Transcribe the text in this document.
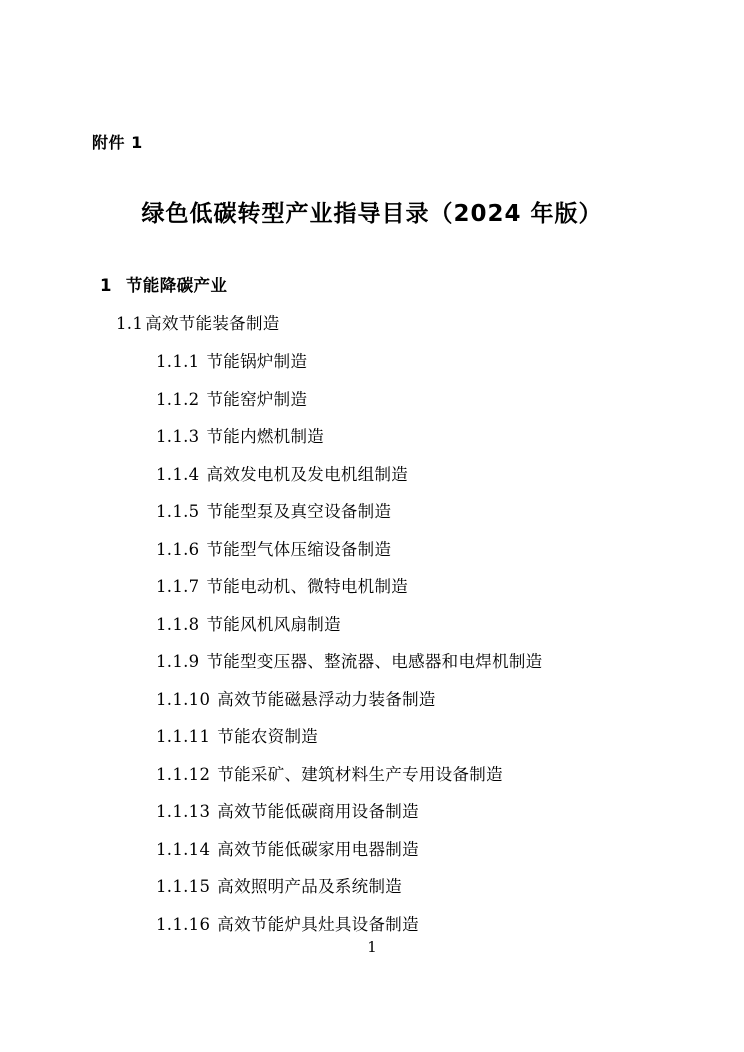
附件 1
绿色低碳转型产业指导目录（2024 年版）
1 节能降碳产业
1.1 高效节能装备制造
1.1.1 节能锅炉制造
1.1.2 节能窑炉制造
1.1.3 节能内燃机制造
1.1.4 高效发电机及发电机组制造
1.1.5 节能型泵及真空设备制造
1.1.6 节能型气体压缩设备制造
1.1.7 节能电动机、微特电机制造
1.1.8 节能风机风扇制造
1.1.9 节能型变压器、整流器、电感器和电焊机制造
1.1.10 高效节能磁悬浮动力装备制造
1.1.11 节能农资制造
1.1.12 节能采矿、建筑材料生产专用设备制造
1.1.13 高效节能低碳商用设备制造
1.1.14 高效节能低碳家用电器制造
1.1.15 高效照明产品及系统制造
1.1.16 高效节能炉具灶具设备制造
1
